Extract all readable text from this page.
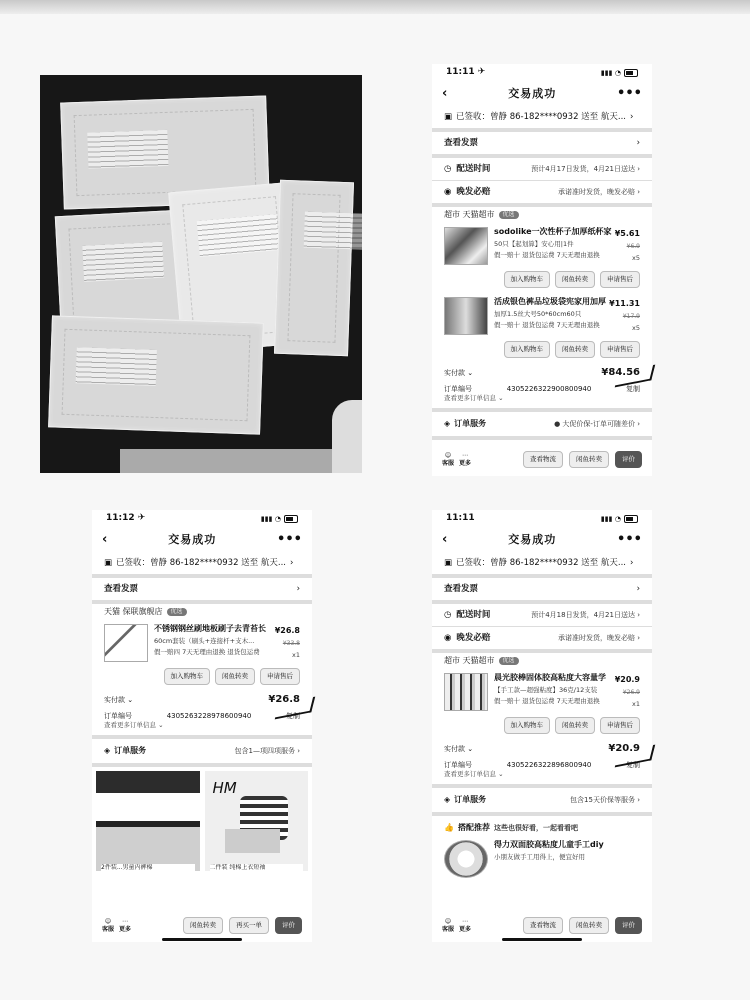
11:11 ✈	▮▮▮ ◔
‹	交易成功	•••
▣ 已签收：曾静 86-182****0932 送至 航天... ›
查看发票	›
◷ 配送时间	预计4月17日发货，4月21日送达 ›
◉ 晚发必赔	承诺准时发货，晚发必赔 ›
超市 天猫超市	优选
sodolike一次性杯子加厚纸杯家
50只【起划算】安心用|1件
假一赔十 退货包运费 7天无理由退换
¥5.61
¥6.9
x5
加入购物车	闲鱼转卖	申请售后
活成银色裤品垃圾袋宪家用加厚
加厚1.5丝大号50*60cm60只
假一赔十 退货包运费 7天无理由退换
¥11.31
¥17.9
x5
加入购物车	闲鱼转卖	申请售后
实付款 ⌄	¥84.56
订单编号	4305226322900800940	复制
查看更多订单信息 ⌄
◈ 订单服务	● 大促价保-订单可随差价 ›
☺
客服
⋯
更多
查看物流	闲鱼转卖	评价
11:12 ✈	▮▮▮ ◔
‹	交易成功	•••
▣ 已签收：曾静 86-182****0932 送至 航天... ›
查看发票	›
天猫 保联旗舰店	优选
不锈钢钢丝刷地板刷子去青苔长
60cm套装（刷头+连接杆+支木...
假一赔四 7天无理由退换 退货包运费
¥26.8
¥33.8
x1
加入购物车	闲鱼转卖	申请售后
实付款 ⌄	¥26.8
订单编号	4305263228978600940	复制
查看更多订单信息 ⌄
◈ 订单服务	包含1—项四项服务 ›
2件装...男童内裤棉
HM
二件装 纯棉上衣短袖
☺
客服
⋯
更多
闲鱼转卖	再买一单	评价
11:11	▮▮▮ ◔
‹	交易成功	•••
▣ 已签收：曾静 86-182****0932 送至 航天... ›
查看发票	›
◷ 配送时间	预计4月18日发货，4月21日送达 ›
◉ 晚发必赔	承诺准时发货，晚发必赔 ›
超市 天猫超市	优选
晨光胶棒固体胶高粘度大容量学
【手工款—超强粘度】36克/12支装
假一赔十 退货包运费 7天无理由退换
¥20.9
¥26.9
x1
加入购物车	闲鱼转卖	申请售后
实付款 ⌄	¥20.9
订单编号	4305226322896800940	复制
查看更多订单信息 ⌄
◈ 订单服务	包含15天价保等服务 ›
👍 搭配推荐 这些也很好看，一起看看吧
得力双面胶高粘度儿童手工diy
小朋友做手工用得上，便宜好用
☺
客服
⋯
更多
查看物流	闲鱼转卖	评价
